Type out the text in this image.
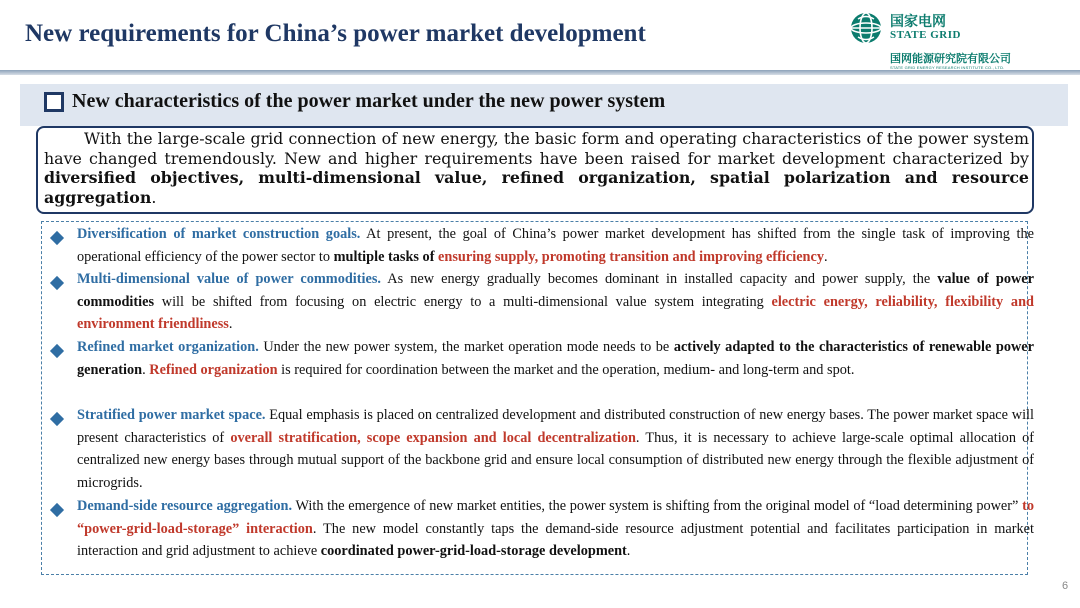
New requirements for China’s power market development	国家电网
STATE GRID
国网能源研究院有限公司
STATE GRID ENERGY RESEARCH INSTITUTE CO., LTD.
New characteristics of the power market under the new power system

With the large-scale grid connection of new energy, the basic form and operating characteristics of the power system have changed tremendously. New and higher requirements have been raised for market development characterized by diversified objectives, multi-dimensional value, refined organization, spatial polarization and resource aggregation.

Diversification of market construction goals. At present, the goal of China’s power market development has shifted from the single task of improving the operational efficiency of the power sector to multiple tasks of ensuring supply, promoting transition and improving efficiency.
Multi-dimensional value of power commodities. As new energy gradually becomes dominant in installed capacity and power supply, the value of power commodities will be shifted from focusing on electric energy to a multi-dimensional value system integrating electric energy, reliability, flexibility and environment friendliness.
Refined market organization. Under the new power system, the market operation mode needs to be actively adapted to the characteristics of renewable power generation. Refined organization is required for coordination between the market and the operation, medium- and long-term and spot.
Stratified power market space. Equal emphasis is placed on centralized development and distributed construction of new energy bases. The power market space will present characteristics of overall stratification, scope expansion and local decentralization. Thus, it is necessary to achieve large-scale optimal allocation of centralized new energy bases through mutual support of the backbone grid and ensure local consumption of distributed new energy through the flexible adjustment of microgrids.
Demand-side resource aggregation. With the emergence of new market entities, the power system is shifting from the original model of “load determining power” to “power-grid-load-storage” interaction. The new model constantly taps the demand-side resource adjustment potential and facilitates participation in market interaction and grid adjustment to achieve coordinated power-grid-load-storage development.
6
